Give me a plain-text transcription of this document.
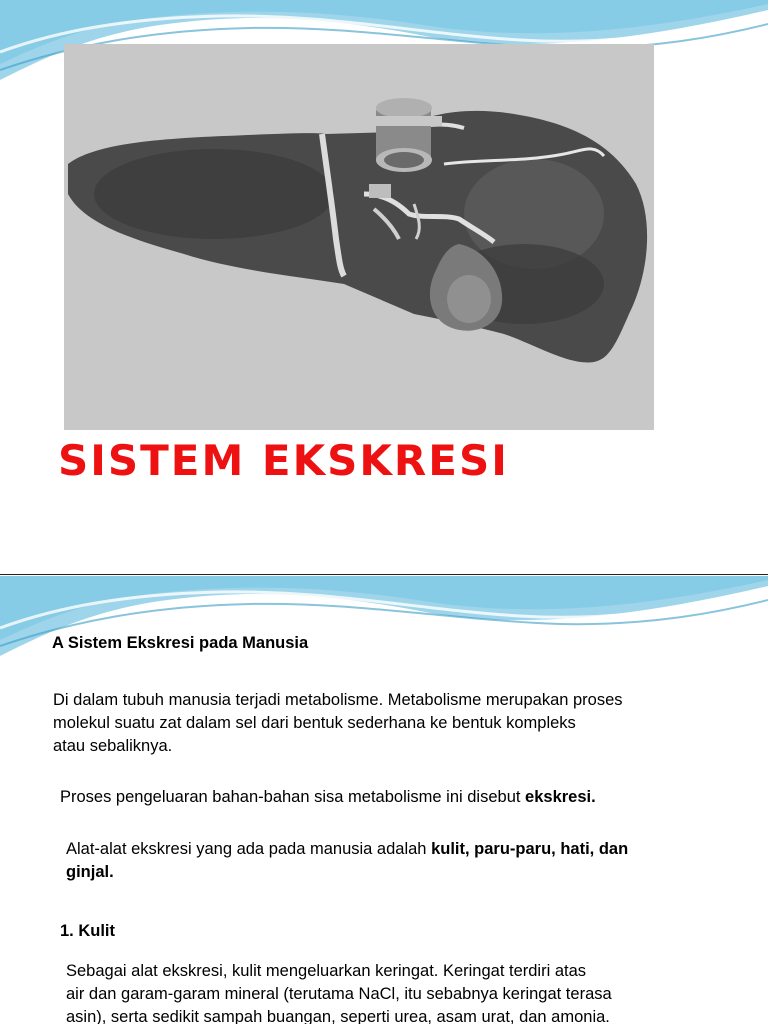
SISTEM EKSKRESI
A Sistem Ekskresi pada Manusia
Di dalam tubuh manusia terjadi metabolisme. Metabolisme merupakan proses
molekul suatu zat dalam sel dari bentuk sederhana ke bentuk kompleks
atau sebaliknya.
Proses pengeluaran bahan-bahan sisa metabolisme ini disebut ekskresi.
Alat-alat ekskresi yang ada pada manusia adalah kulit, paru-paru, hati, dan
ginjal.
1. Kulit
Sebagai alat ekskresi, kulit mengeluarkan keringat. Keringat terdiri atas
air dan garam-garam mineral (terutama NaCl, itu sebabnya keringat terasa
asin), serta sedikit sampah buangan, seperti urea, asam urat, dan amonia.
